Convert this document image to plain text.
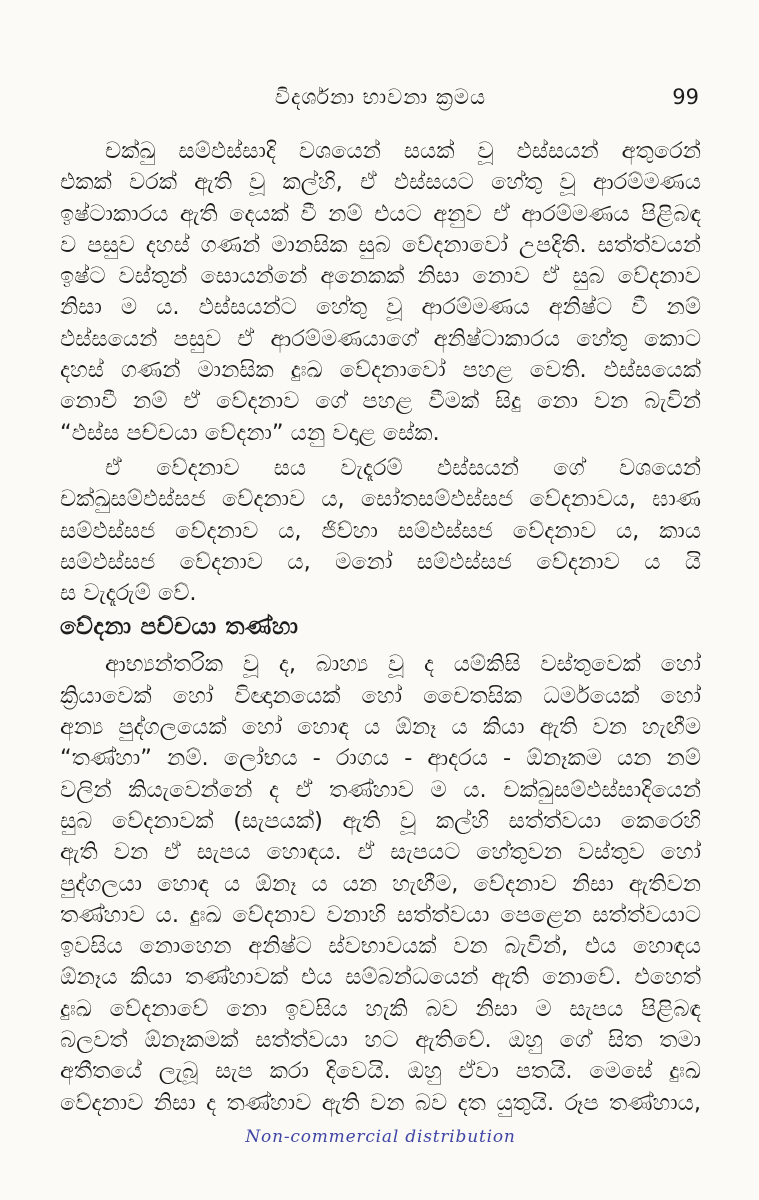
විදර්ශනා භාවනා ක්‍රමය	99
චක්ඛු සම්ඵස්සාදි වශයෙන් සයක් වූ ඵස්සයන් අතුරෙන්
එකක් වරක් ඇති වූ කල්හි, ඒ ඵස්සයට හේතු වූ ආරම්මණය
ඉෂ්ටාකාරය ඇති දෙයක් වී නම් එයට අනුව ඒ ආරම්මණය පිළිබඳ
ව පසුව දහස් ගණන් මානසික සුබ වේදනාවෝ උපදිති. සත්ත්වයන්
ඉෂ්ට වස්තුන් සොයන්නේ අනෙකක් නිසා නොව ඒ සුබ වේදනාව
නිසා ම ය. ඵස්සයන්ට හේතු වූ ආරම්මණය අනිෂ්ට වී නම්
ඵස්සයෙන් පසුව ඒ ආරම්මණයාගේ අනිෂ්ටාකාරය හේතු කොට
දහස් ගණන් මානසික දුඃඛ වේදනාවෝ පහළ වෙති. ඵස්සයෙක්
නොවී නම් ඒ වේදනාව ගේ පහළ වීමක් සිදු නො වන බැවින්
“ඵස්ස පච්චයා වේදනා” යනු වදාළ සේක.
ඒ වේදනාව සය වැදෑරම් ඵස්සයන් ගේ වශයෙන්
චක්ඛුසම්ඵස්සජ වේදනාව ය, සෝතසම්ඵස්සජ වේදනාවය, ඝාණ
සම්ඵස්සජ වේදනාව ය, ජිව්හා සම්ඵස්සජ වේදනාව ය, කාය
සම්ඵස්සජ වේදනාව ය, මනෝ සම්ඵස්සජ වේදනාව ය යි
ස වැදෑරුම් වේ.
වේදනා පච්චයා තණ්හා
ආභ්‍යන්තරික වූ ද, බාහ්‍ය වූ ද යම්කිසි වස්තුවෙක් හෝ
ක්‍රියාවෙක් හෝ විඥානයෙක් හෝ චෛතසික ධර්මයෙක් හෝ
අන්‍ය පුද්ගලයෙක් හෝ හොඳ ය ඕනෑ ය කියා ඇති වන හැඟීම
“තණ්හා” නම්. ලෝභය - රාගය - ආදරය - ඕනෑකම යන නම්
වලින් කියැවෙන්නේ ද ඒ තණ්හාව ම ය. චක්ඛුසම්ඵස්සාදියෙන්
සුබ වේදනාවක් (සැපයක්) ඇති වූ කල්හි සත්ත්වයා කෙරෙහි
ඇති වන ඒ සැපය හොඳය. ඒ සැපයට හේතුවන වස්තුව හෝ
පුද්ගලයා හොඳ ය ඕනෑ ය යන හැඟීම, වේදනාව නිසා ඇතිවන
තණ්හාව ය. දුඃඛ වේදනාව වනාහි සත්ත්වයා පෙළෙන සත්ත්වයාට
ඉවසිය නොහෙන අනිෂ්ට ස්වභාවයක් වන බැවින්, එය හොඳය
ඕනෑය කියා තණ්හාවක් එය සම්බන්ධයෙන් ඇති නොවේ. එහෙත්
දුඃඛ වේදනාවේ නො ඉවසිය හැකි බව නිසා ම සැපය පිළිබඳ
බලවත් ඕනෑකමක් සත්ත්වයා හට ඇතිවේ. ඔහු ගේ සිත තමා
අතීතයේ ලැබූ සැප කරා දිවෙයි. ඔහු ඒවා පතයි. මෙසේ දුඃඛ
වේදනාව නිසා ද තණ්හාව ඇති වන බව දත යුතුයි. රූප තණ්හාය,
Non-commercial distribution
